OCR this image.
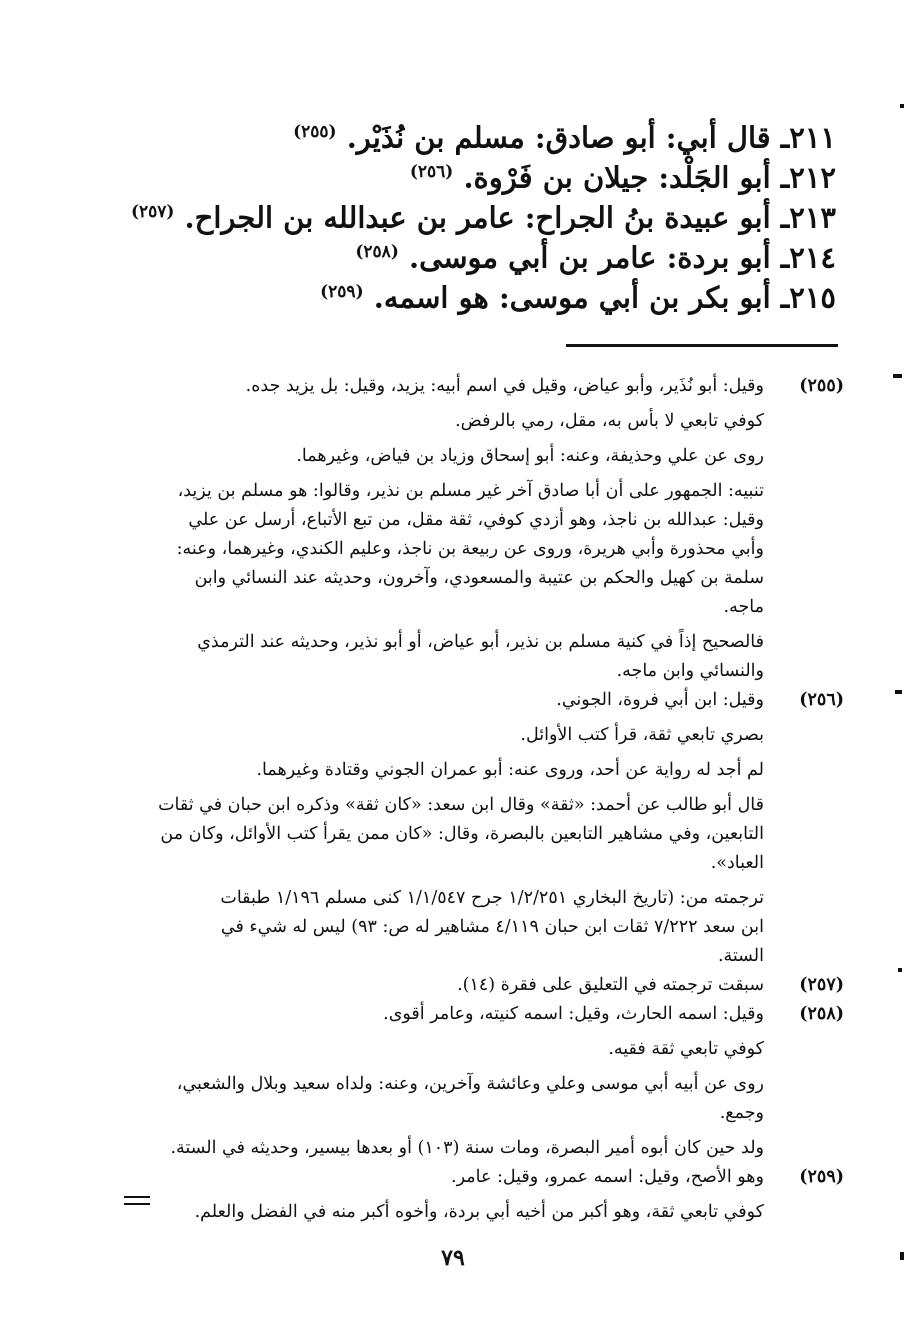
٢١١ـ قال أبي: أبو صادق: مسلم بن نُذَيْر. $^{(٢٥٥)}$
٢١٢ـ أبو الجَلْد: جيلان بن فَرْوة. $^{(٢٥٦)}$
٢١٣ـ أبو عبيدة بنُ الجراح: عامر بن عبدالله بن الجراح. $^{(٢٥٧)}$
٢١٤ـ أبو بردة: عامر بن أبي موسى. $^{(٢٥٨)}$
٢١٥ـ أبو بكر بن أبي موسى: هو اسمه. $^{(٢٥٩)}$
(٢٥٥)
وقيل: أبو نُذَير، وأبو عياض، وقيل في اسم أبيه: يزيد، وقيل: بل يزيد جده.
كوفي تابعي لا بأس به، مقل، رمي بالرفض.
روى عن علي وحذيفة، وعنه: أبو إسحاق وزياد بن فياض، وغيرهما.
تنبيه: الجمهور على أن أبا صادق آخر غير مسلم بن نذير، وقالوا: هو مسلم بن يزيد،
وقيل: عبدالله بن ناجذ، وهو أزدي كوفي، ثقة مقل، من تبع الأتباع، أرسل عن علي
وأبي محذورة وأبي هريرة، وروى عن ربيعة بن ناجذ، وعليم الكندي، وغيرهما، وعنه:
سلمة بن كهيل والحكم بن عتيبة والمسعودي، وآخرون، وحديثه عند النسائي وابن
ماجه.
فالصحيح إذاً في كنية مسلم بن نذير، أبو عياض، أو أبو نذير، وحديثه عند الترمذي
والنسائي وابن ماجه.
(٢٥٦)
وقيل: ابن أبي فروة، الجوني.
بصري تابعي ثقة، قرأ كتب الأوائل.
لم أجد له رواية عن أحد، وروى عنه: أبو عمران الجوني وقتادة وغيرهما.
قال أبو طالب عن أحمد: «ثقة» وقال ابن سعد: «كان ثقة» وذكره ابن حبان في ثقات
التابعين، وفي مشاهير التابعين بالبصرة، وقال: «كان ممن يقرأ كتب الأوائل، وكان من
العباد».
ترجمته من: (تاريخ البخاري ١/٢/٢٥١ جرح ١/١/٥٤٧ كنى مسلم ١/١٩٦ طبقات
ابن سعد ٧/٢٢٢ ثقات ابن حبان ٤/١١٩ مشاهير له ص: ٩٣) ليس له شيء في
الستة.
(٢٥٧)
سبقت ترجمته في التعليق على فقرة (١٤).
(٢٥٨)
وقيل: اسمه الحارث، وقيل: اسمه كنيته، وعامر أقوى.
كوفي تابعي ثقة فقيه.
روى عن أبيه أبي موسى وعلي وعائشة وآخرين، وعنه: ولداه سعيد وبلال والشعبي،
وجمع.
ولد حين كان أبوه أمير البصرة، ومات سنة (١٠٣) أو بعدها بيسير، وحديثه في الستة.
(٢٥٩)
وهو الأصح، وقيل: اسمه عمرو، وقيل: عامر.
كوفي تابعي ثقة، وهو أكبر من أخيه أبي بردة، وأخوه أكبر منه في الفضل والعلم.
٧٩
